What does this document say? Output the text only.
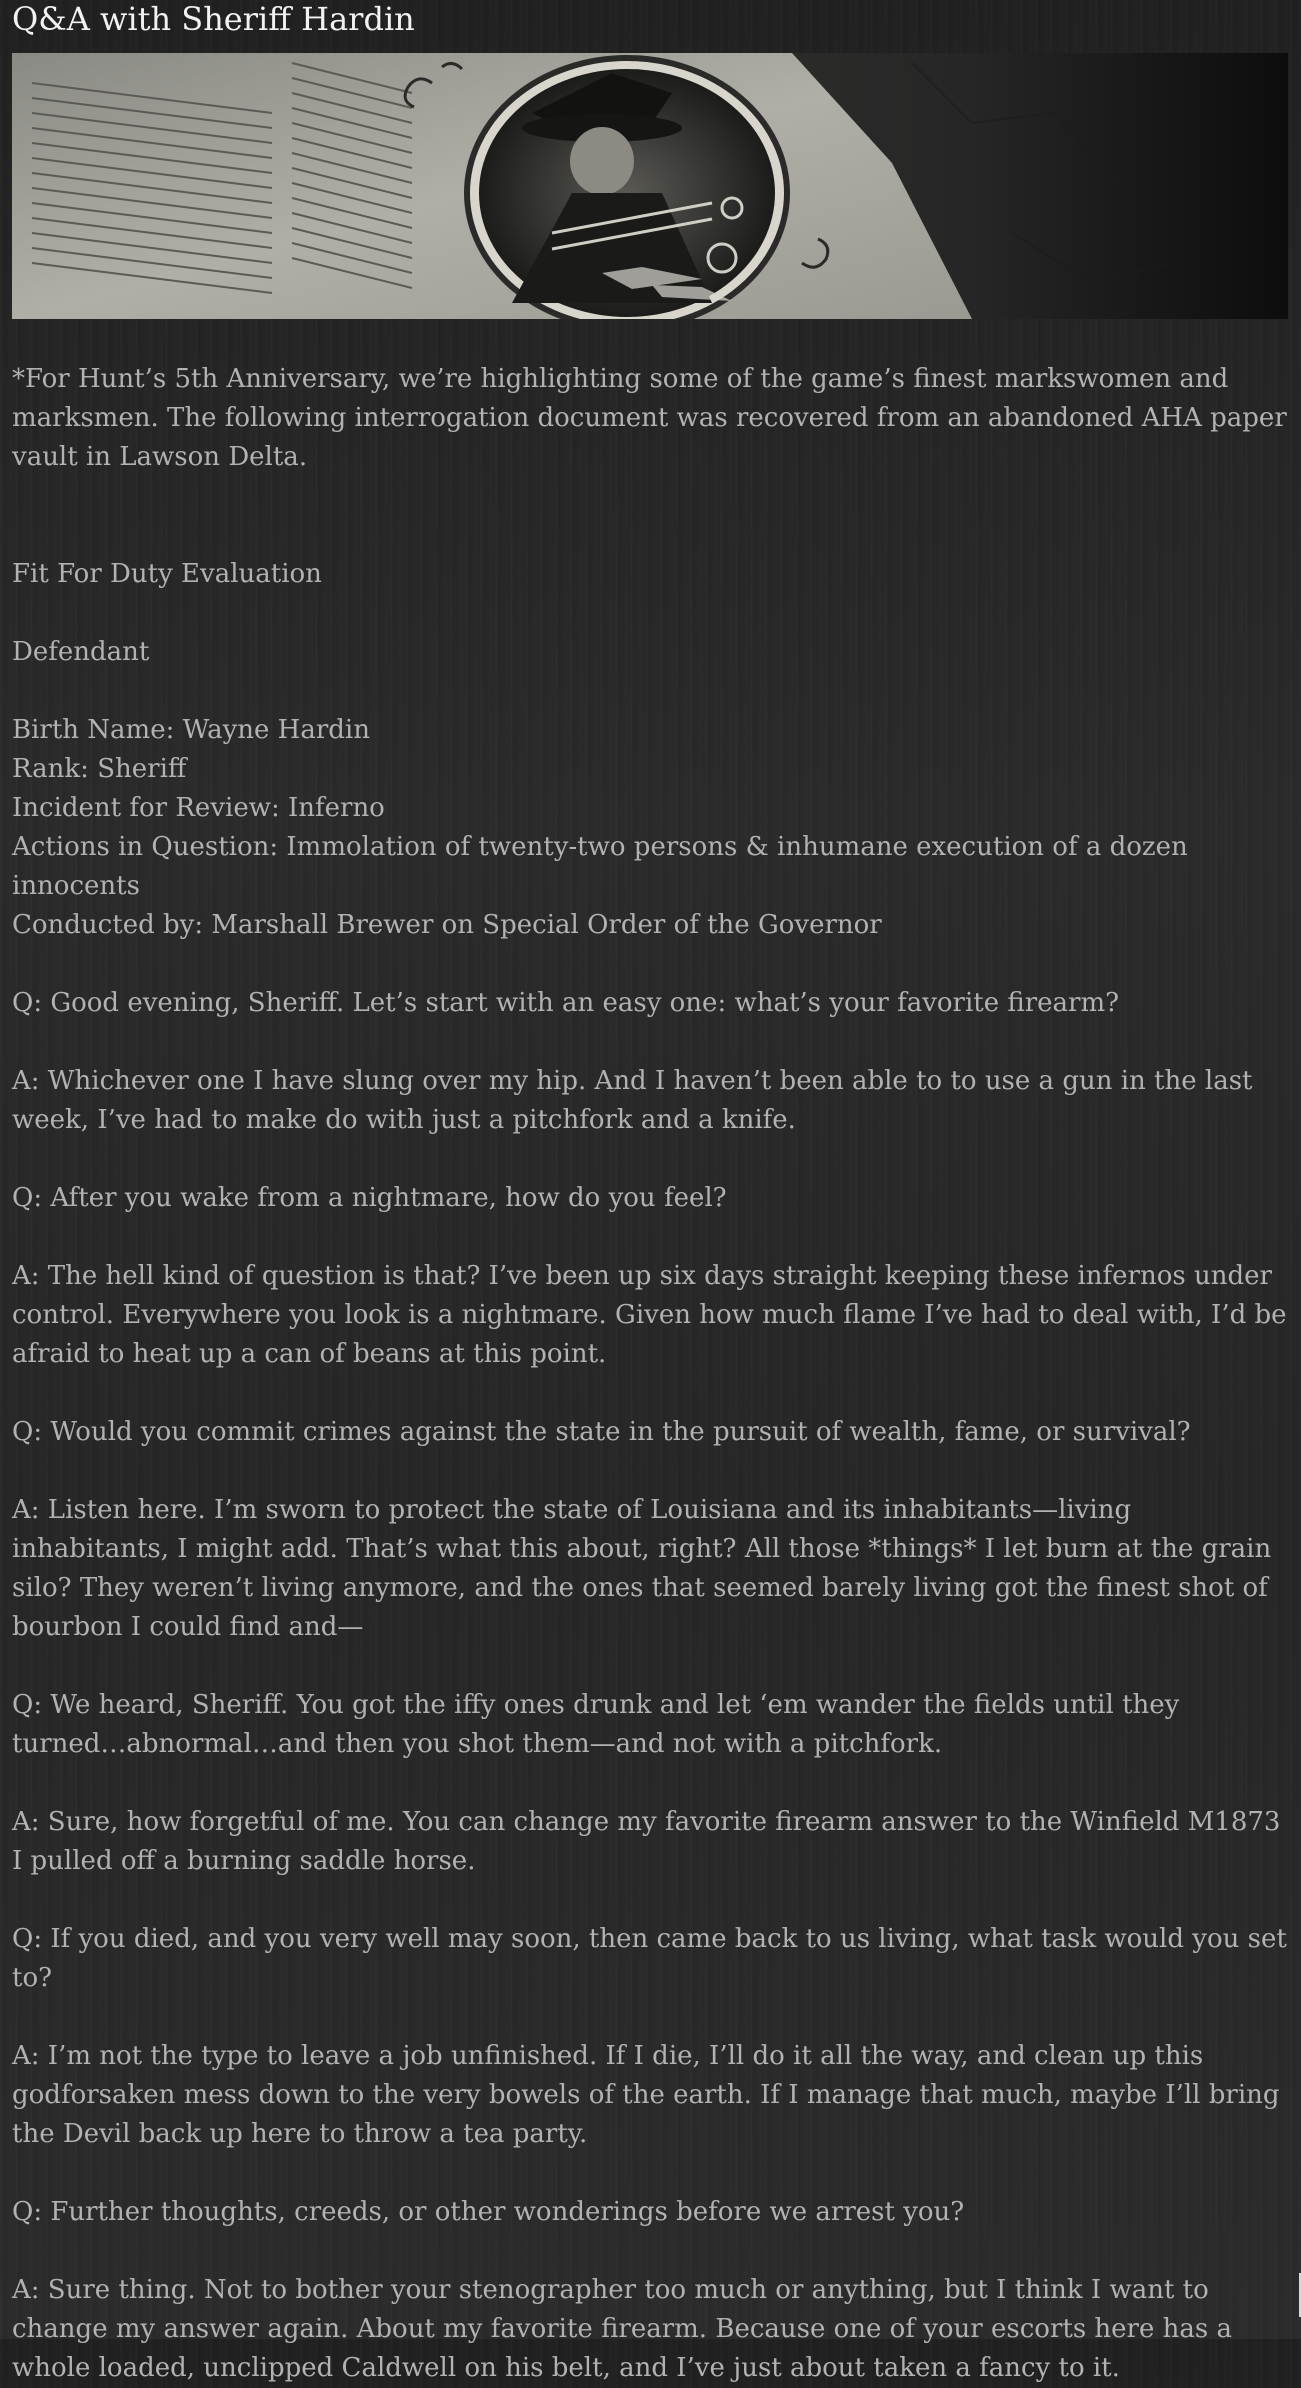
Q&A with Sheriff Hardin

*For Hunt’s 5th Anniversary, we’re highlighting some of the game’s finest markswomen and marksmen. The following interrogation document was recovered from an abandoned AHA paper vault in Lawson Delta.

Fit For Duty Evaluation

Defendant

Birth Name: Wayne Hardin

Rank: Sheriff

Incident for Review: Inferno

Actions in Question: Immolation of twenty-two persons & inhumane execution of a dozen innocents

Conducted by: Marshall Brewer on Special Order of the Governor

Q: Good evening, Sheriff. Let’s start with an easy one: what’s your favorite firearm?

A: Whichever one I have slung over my hip. And I haven’t been able to to use a gun in the last week, I’ve had to make do with just a pitchfork and a knife.

Q: After you wake from a nightmare, how do you feel?

A: The hell kind of question is that? I’ve been up six days straight keeping these infernos under control. Everywhere you look is a nightmare. Given how much flame I’ve had to deal with, I’d be afraid to heat up a can of beans at this point.

Q: Would you commit crimes against the state in the pursuit of wealth, fame, or survival?

A: Listen here. I’m sworn to protect the state of Louisiana and its inhabitants—living inhabitants, I might add. That’s what this about, right? All those *things* I let burn at the grain silo? They weren’t living anymore, and the ones that seemed barely living got the finest shot of bourbon I could find and—

Q: We heard, Sheriff. You got the iffy ones drunk and let ‘em wander the fields until they turned…abnormal…and then you shot them—and not with a pitchfork.

A: Sure, how forgetful of me. You can change my favorite firearm answer to the Winfield M1873 I pulled off a burning saddle horse.

Q: If you died, and you very well may soon, then came back to us living, what task would you set to?

A: I’m not the type to leave a job unfinished. If I die, I’ll do it all the way, and clean up this godforsaken mess down to the very bowels of the earth. If I manage that much, maybe I’ll bring the Devil back up here to throw a tea party.

Q: Further thoughts, creeds, or other wonderings before we arrest you?

A: Sure thing. Not to bother your stenographer too much or anything, but I think I want to change my answer again. About my favorite firearm. Because one of your escorts here has a whole loaded, unclipped Caldwell on his belt, and I’ve just about taken a fancy to it.
